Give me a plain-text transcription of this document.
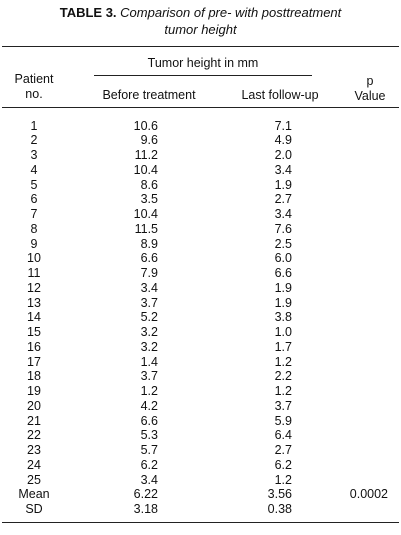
TABLE 3. Comparison of pre- with posttreatment
tumor height
Patient
no.
Tumor height in mm
Before treatment	Last follow-up
p
Value
1	10.6	7.1
2	9.6	4.9
3	11.2	2.0
4	10.4	3.4
5	8.6	1.9
6	3.5	2.7
7	10.4	3.4
8	11.5	7.6
9	8.9	2.5
10	6.6	6.0
11	7.9	6.6
12	3.4	1.9
13	3.7	1.9
14	5.2	3.8
15	3.2	1.0
16	3.2	1.7
17	1.4	1.2
18	3.7	2.2
19	1.2	1.2
20	4.2	3.7
21	6.6	5.9
22	5.3	6.4
23	5.7	2.7
24	6.2	6.2
25	3.4	1.2
Mean	6.22	3.56	0.0002
SD	3.18	0.38
